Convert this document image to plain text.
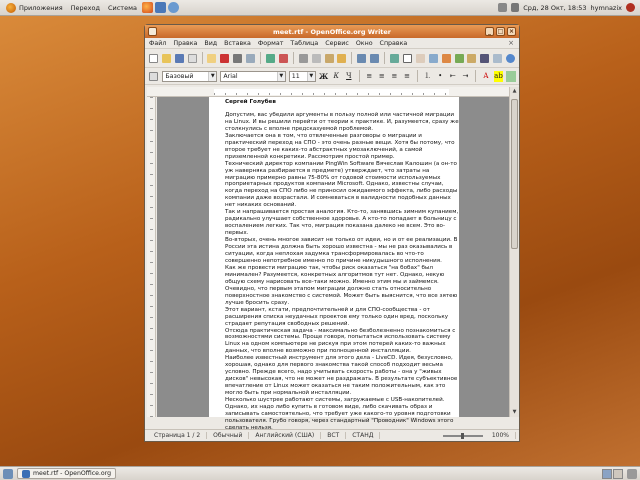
Приложения Переход Система	Срд, 28 Окт, 18:53 hymnazix
meet.rtf - OpenOffice.org Writer	_	□ ×
Файл Правка Вид Вставка Формат Таблица Сервис Окно Справка	×
Базовый	▼ Arial	▼ 11	▼ Ж К Ч ≡ ≡ ≡ ≡ ⒈	•	⇤ ⇥	A ab

Сергей Голубев

Допустим, вас убедили аргументы в пользу полной или частичной миграции на Linux. И вы решили перейти от теории к практике. И, разумеется, сразу же столкнулись с вполне предсказуемой проблемой.

Заключается она в том, что отвлеченные разговоры о миграции и практический переход на СПО - это очень разные вещи. Хотя бы потому, что второе требует не каких-то абстрактных умозаключений, а самой приземленной конкретики. Рассмотрим простой пример.

Технический директор компании PingWin Software Вячеслав Калошин (а он-то уж наверняка разбирается в предмете) утверждает, что затраты на миграцию примерно равны 75-80% от годовой стоимости используемых проприетарных продуктов компании Microsoft. Однако, известны случаи, когда переход на СПО либо не приносил ожидаемого эффекта, либо расходы компании даже возрастали. И сомневаться в валидности подобных данных нет никаких оснований.

Так и напрашивается простая аналогия. Кто-то, занявшись зимним купанием, радикально улучшает собственное здоровье. А кто-то попадает в больницу с воспалением легких. Так что, миграция показана далеко не всем. Это во-первых.

Во-вторых, очень многое зависит не только от идеи, но и от ее реализации. В России эта истина должна быть хорошо известна - мы не раз оказывались в ситуации, когда неплохая задумка трансформировалась во что-то совершенно непотребное именно по причине никудышного исполнения.

Как же провести миграцию так, чтобы риск оказаться "на бобах" был минимален? Разумеется, конкретных алгоритмов тут нет. Однако, некую общую схему нарисовать все-таки можно. Именно этим мы и займемся.

Очевидно, что первым этапом миграции должно стать относительно поверхностное знакомство с системой. Может быть выяснится, что все зятею лучше бросить сразу.

Этот вариант, кстати, предпочтительней и для СПО-сообщества - от расширения списка неудачных проектов ему только один вред, поскольку страдает репутация свободных решений.

Отсюда практическая задача - максимально безболезненно познакомиться с возможностями системы. Проще говоря, попытаться использовать систему Linux на одном компьютере не рискуя при этом потерей каких-то важных данных, что вполне возможно при полноценной инсталляции.

Наиболее известный инструмент для этого дела - LiveCD. Идея, безусловно, хорошая, однако для первого знакомства такой способ подходит весьма условно. Прежде всего, надо учитывать скорость работы - она у "живых дисков" невысокая, что не может не раздражать. В результате субъективное впечатление от Linux может оказаться не таким положительным, как это могло быть при нормальной инсталляции.

Несколько шустрее работают системы, загружаемые с USB-накопителей. Однако, их надо либо купить в готовом виде, либо скачивать образ и записывать самостоятельно, что требует уже какого-то уровня подготовки пользователя. Грубо говоря, через стандартный "Проводник" Windows этого сделать нельзя.

▲
▼
Страница 1 / 2	Обычный	Английский (США)	ВСТ	СТАНД	100%
meet.rtf - OpenOffice.org
